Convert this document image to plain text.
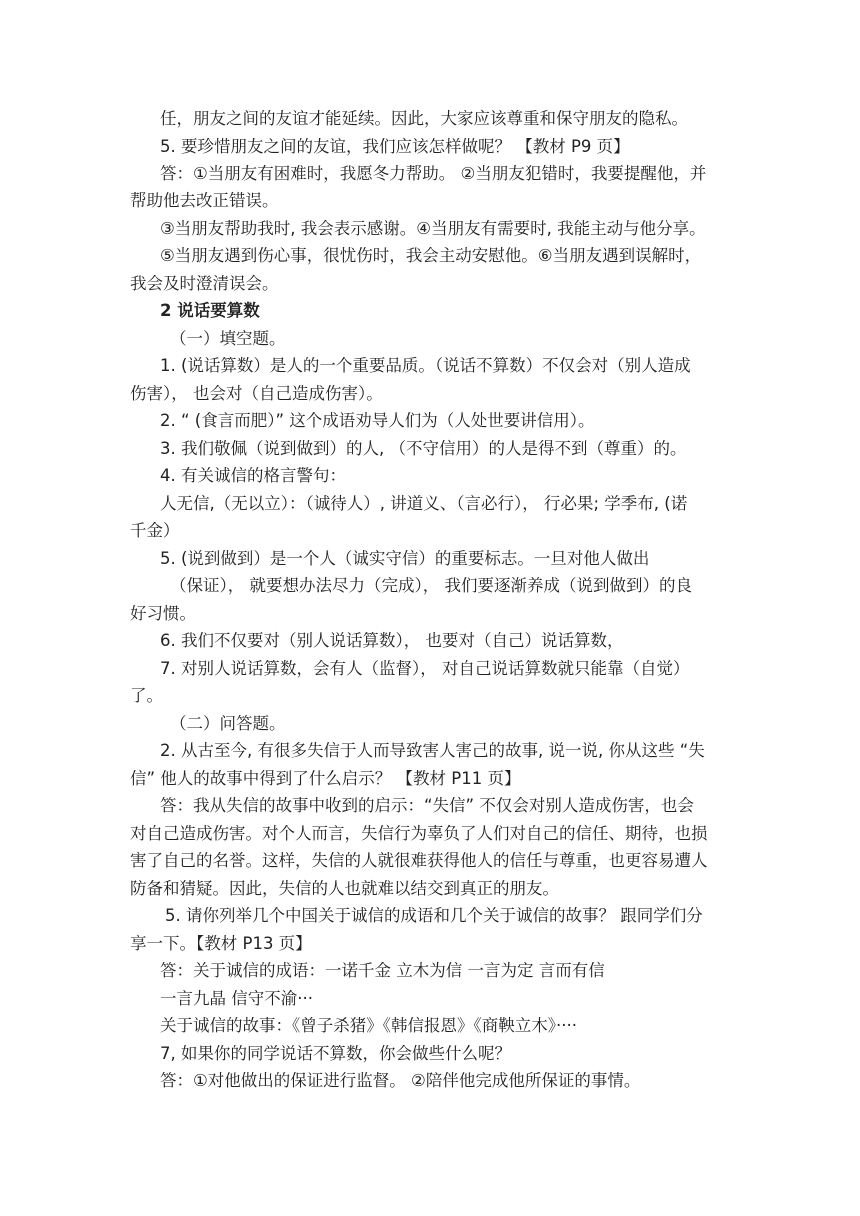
任，朋友之间的友谊才能延续。因此，大家应该尊重和保守朋友的隐私。
5. 要珍惜朋友之间的友谊，我们应该怎样做呢？ 【教材 P9 页】
答：①当朋友有困难时，我愿冬力帮助。 ②当朋友犯错时，我要提醒他，并
帮助他去改正错误。
③当朋友帮助我时, 我会表示感谢。④当朋友有需要时, 我能主动与他分享。
⑤当朋友遇到伤心事，很忧伤时，我会主动安慰他。⑥当朋友遇到误解时，
我会及时澄清误会。
2 说话要算数
（一）填空题。
1. (说话算数）是人的一个重要品质。（说话不算数）不仅会对（别人造成
伤害）， 也会对（自己造成伤害）。
2. “ (食言而肥）” 这个成语劝导人们为（人处世要讲信用）。
3. 我们敬佩（说到做到）的人, （不守信用）的人是得不到（尊重）的。
4. 有关诚信的格言警句：
人无信,（无以立）：（诚待人）, 讲道义、（言必行）， 行必果; 学季布, (诺
千金）
5. (说到做到）是一个人（诚实守信）的重要标志。一旦对他人做出
（保证）， 就要想办法尽力（完成）， 我们要逐渐养成（说到做到）的良
好习惯。
6. 我们不仅要对（别人说话算数）， 也要对（自己）说话算数，
7. 对别人说话算数，会有人（监督）， 对自己说话算数就只能靠（自觉）
了。
（二）问答题。
2. 从古至今, 有很多失信于人而导致害人害己的故事, 说一说, 你从这些 “失
信” 他人的故事中得到了什么启示？ 【教材 P11 页】
答：我从失信的故事中收到的启示：“失信” 不仅会对别人造成伤害，也会
对自己造成伤害。对个人而言，失信行为辜负了人们对自己的信任、期待，也损
害了自己的名誉。这样，失信的人就很难获得他人的信任与尊重，也更容易遭人
防备和猜疑。因此，失信的人也就难以结交到真正的朋友。
5. 请你列举几个中国关于诚信的成语和几个关于诚信的故事？ 跟同学们分
享一下。【教材 P13 页】
答：关于诚信的成语：一诺千金 立木为信 一言为定 言而有信
一言九晶 信守不渝···
关于诚信的故事：《曾子杀猪》《韩信报恩》《商鞅立木》····
7, 如果你的同学说话不算数，你会做些什么呢？
答：①对他做出的保证进行监督。 ②陪伴他完成他所保证的事情。
